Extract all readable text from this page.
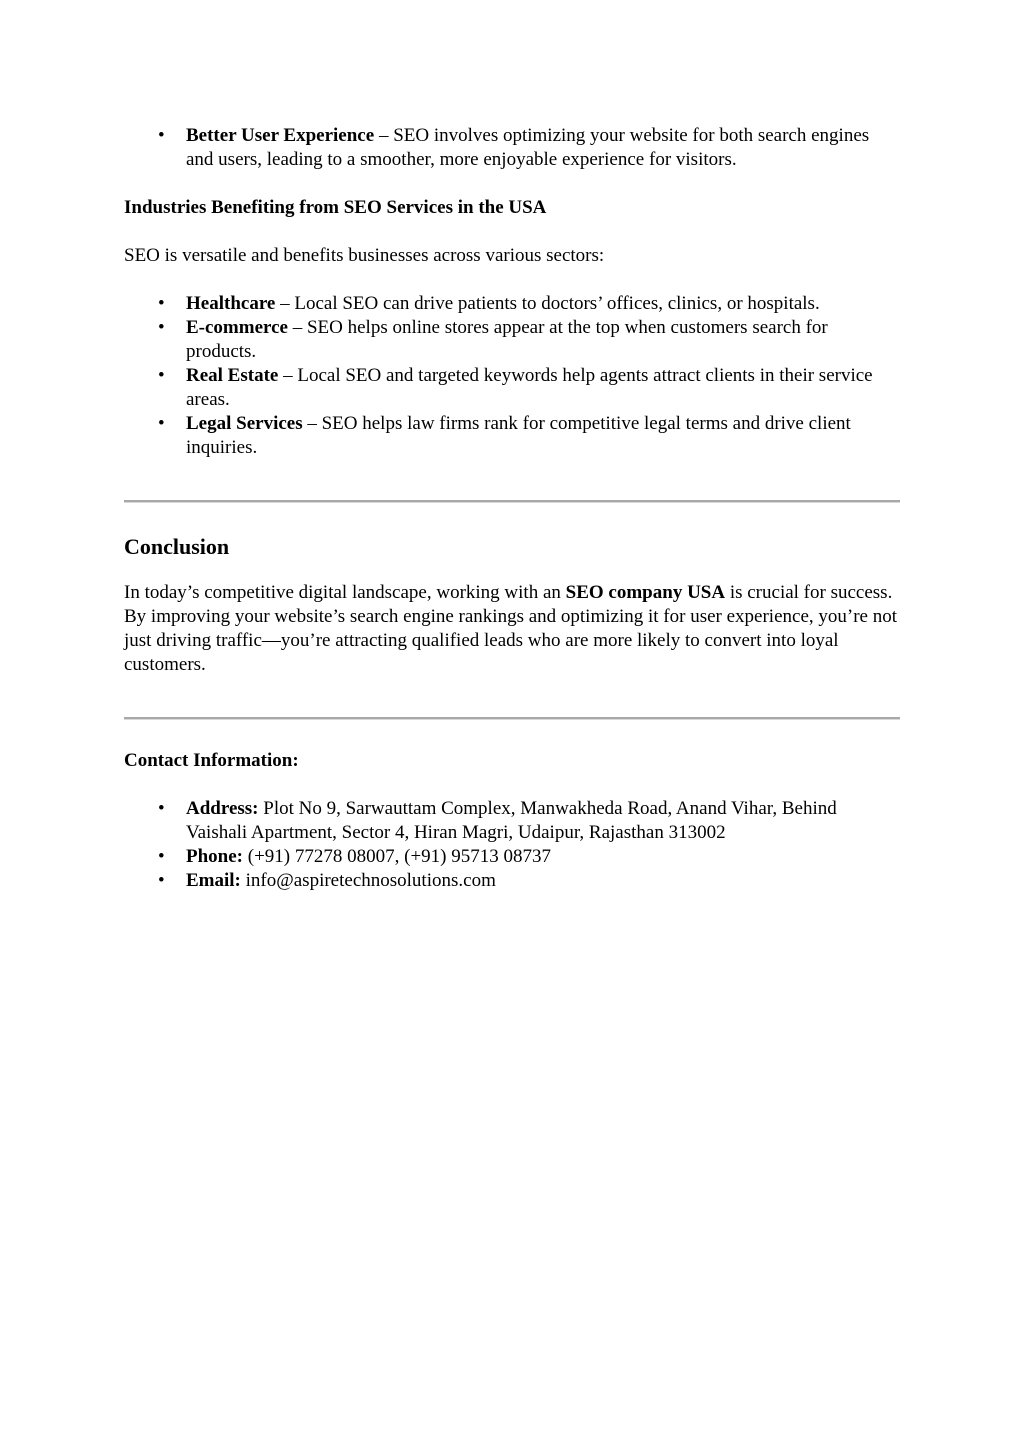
• Better User Experience – SEO involves optimizing your website for both search engines and users, leading to a smoother, more enjoyable experience for visitors.

Industries Benefiting from SEO Services in the USA

SEO is versatile and benefits businesses across various sectors:

• Healthcare – Local SEO can drive patients to doctors’ offices, clinics, or hospitals.
• E-commerce – SEO helps online stores appear at the top when customers search for products.
• Real Estate – Local SEO and targeted keywords help agents attract clients in their service areas.
• Legal Services – SEO helps law firms rank for competitive legal terms and drive client inquiries.

Conclusion

In today’s competitive digital landscape, working with an SEO company USA is crucial for success. By improving your website’s search engine rankings and optimizing it for user experience, you’re not just driving traffic—you’re attracting qualified leads who are more likely to convert into loyal customers.

Contact Information:

• Address: Plot No 9, Sarwauttam Complex, Manwakheda Road, Anand Vihar, Behind Vaishali Apartment, Sector 4, Hiran Magri, Udaipur, Rajasthan 313002
• Phone: (+91) 77278 08007, (+91) 95713 08737
• Email: info@aspiretechnosolutions.com
